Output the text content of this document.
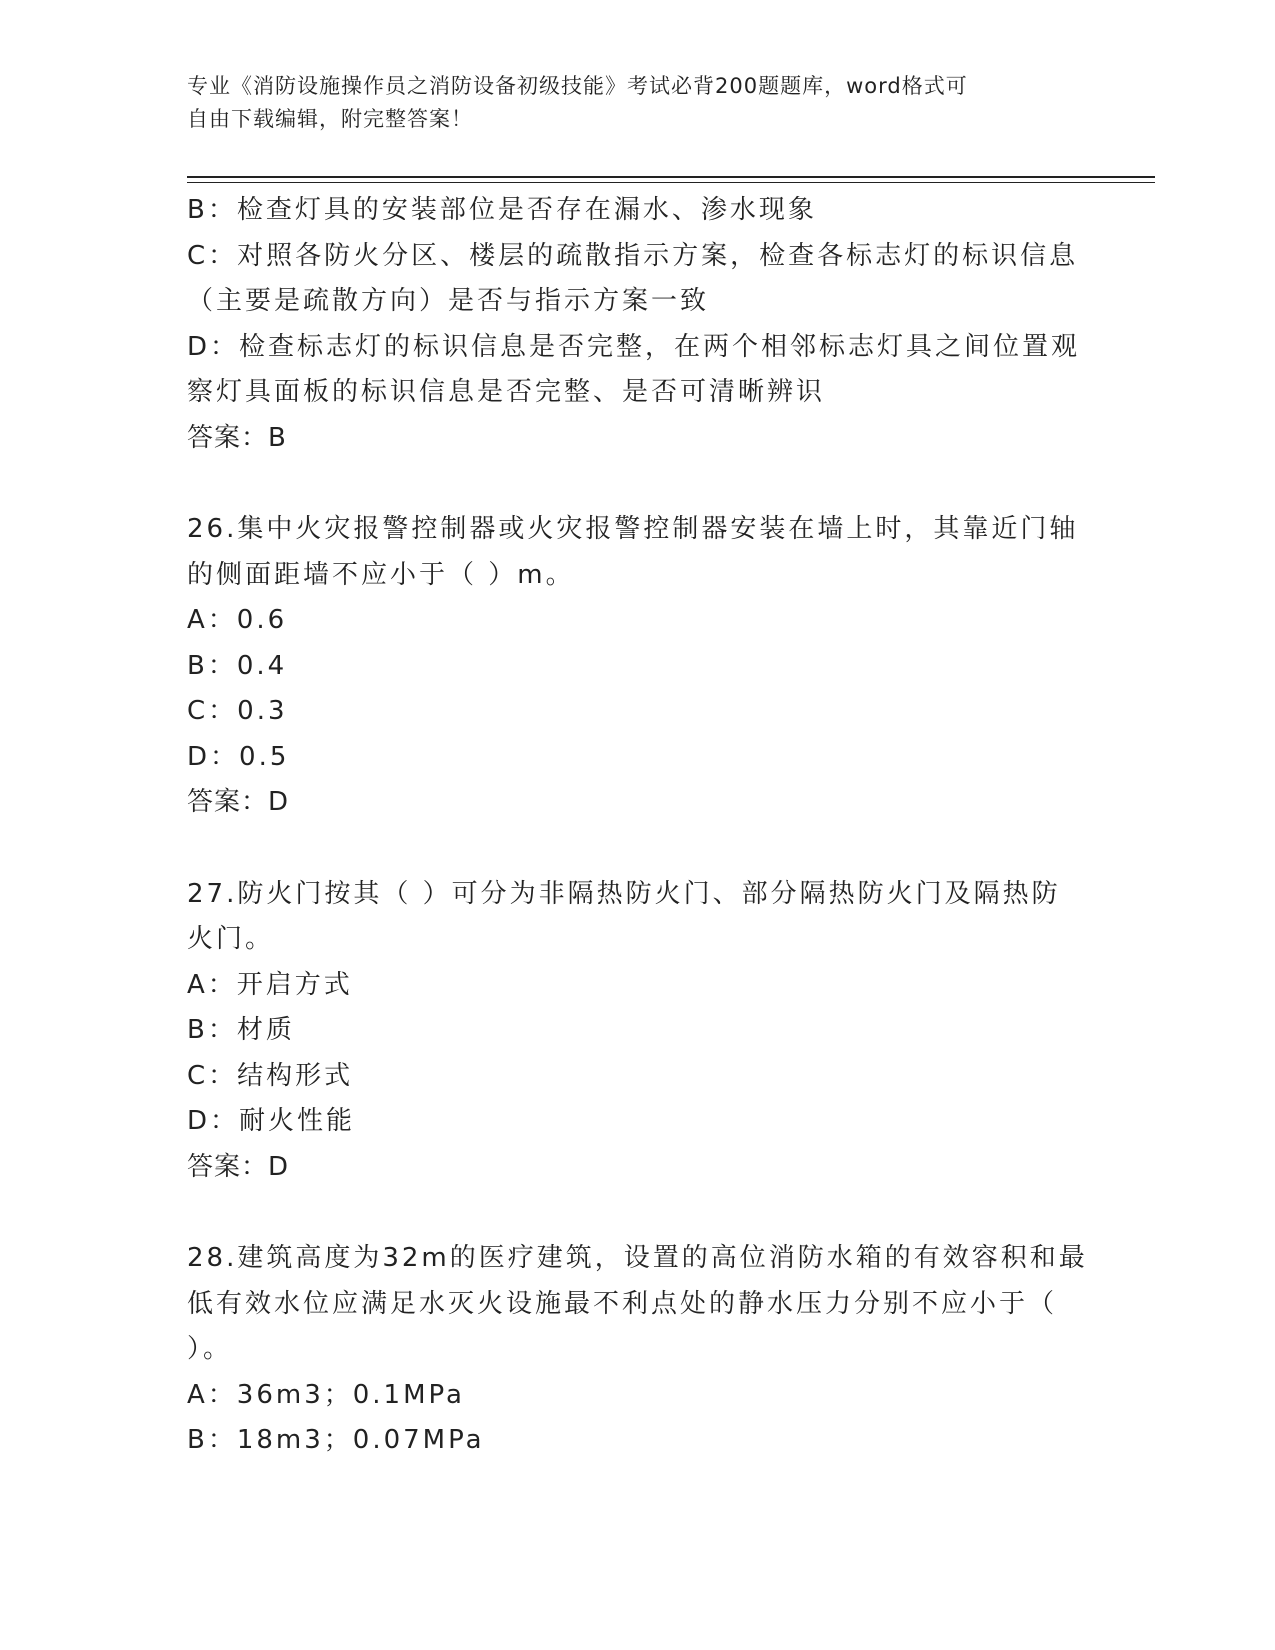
专业《消防设施操作员之消防设备初级技能》考试必背200题题库，word格式可
自由下载编辑，附完整答案！
B：检查灯具的安装部位是否存在漏水、渗水现象
C：对照各防火分区、楼层的疏散指示方案，检查各标志灯的标识信息
（主要是疏散方向）是否与指示方案一致
D：检查标志灯的标识信息是否完整，在两个相邻标志灯具之间位置观
察灯具面板的标识信息是否完整、是否可清晰辨识
答案：B
26.集中火灾报警控制器或火灾报警控制器安装在墙上时，其靠近门轴
的侧面距墙不应小于（ ）m。
A：0.6
B：0.4
C：0.3
D：0.5
答案：D
27.防火门按其（ ）可分为非隔热防火门、部分隔热防火门及隔热防
火门。
A：开启方式
B：材质
C：结构形式
D：耐火性能
答案：D
28.建筑高度为32m的医疗建筑，设置的高位消防水箱的有效容积和最
低有效水位应满足水灭火设施最不利点处的静水压力分别不应小于（
）。
A：36m3；0.1MPa
B：18m3；0.07MPa
